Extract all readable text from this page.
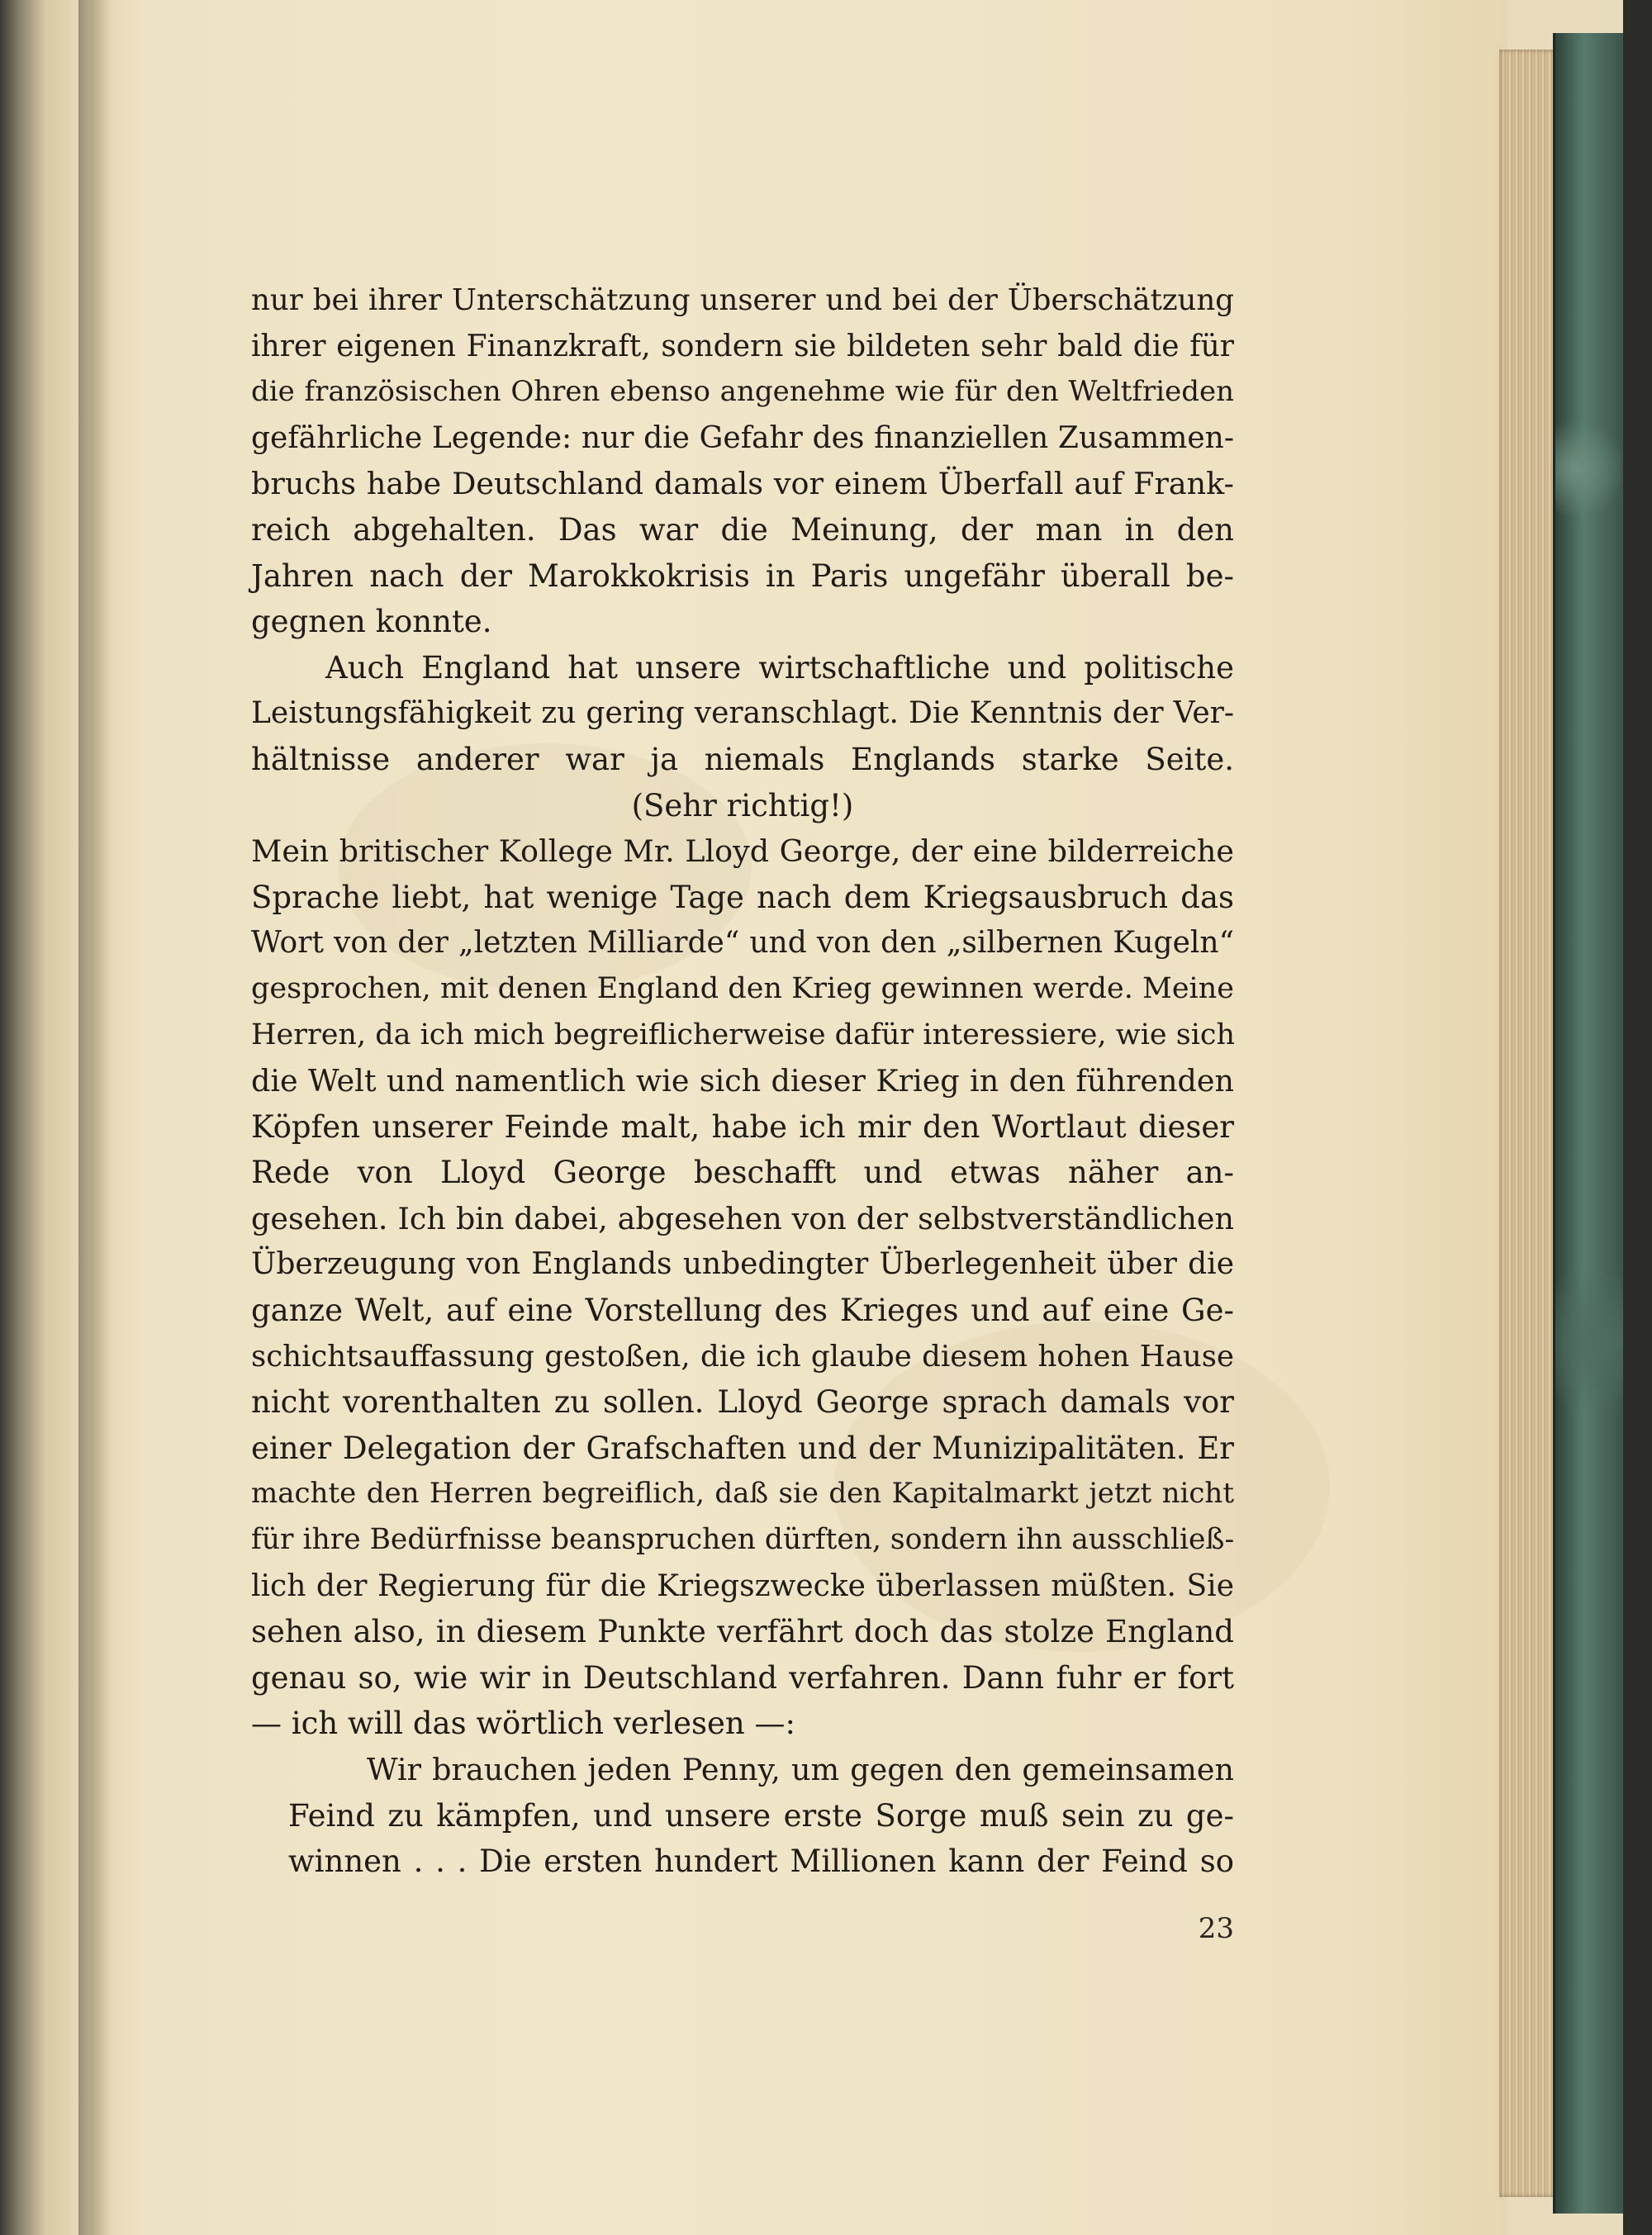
nur bei ihrer Unterschätzung unserer und bei der Überschätzung
ihrer eigenen Finanzkraft, sondern sie bildeten sehr bald die für
die französischen Ohren ebenso angenehme wie für den Weltfrieden
gefährliche Legende: nur die Gefahr des finanziellen Zusammen-
bruchs habe Deutschland damals vor einem Überfall auf Frank-
reich abgehalten. Das war die Meinung, der man in den
Jahren nach der Marokkokrisis in Paris ungefähr überall be-
gegnen konnte.
Auch England hat unsere wirtschaftliche und politische
Leistungsfähigkeit zu gering veranschlagt. Die Kenntnis der Ver-
hältnisse anderer war ja niemals Englands starke Seite.
(Sehr richtig!)
Mein britischer Kollege Mr. Lloyd George, der eine bilderreiche
Sprache liebt, hat wenige Tage nach dem Kriegsausbruch das
Wort von der „letzten Milliarde“ und von den „silbernen Kugeln“
gesprochen, mit denen England den Krieg gewinnen werde. Meine
Herren, da ich mich begreiflicherweise dafür interessiere, wie sich
die Welt und namentlich wie sich dieser Krieg in den führenden
Köpfen unserer Feinde malt, habe ich mir den Wortlaut dieser
Rede von Lloyd George beschafft und etwas näher an-
gesehen. Ich bin dabei, abgesehen von der selbstverständlichen
Überzeugung von Englands unbedingter Überlegenheit über die
ganze Welt, auf eine Vorstellung des Krieges und auf eine Ge-
schichtsauffassung gestoßen, die ich glaube diesem hohen Hause
nicht vorenthalten zu sollen. Lloyd George sprach damals vor
einer Delegation der Grafschaften und der Munizipalitäten. Er
machte den Herren begreiflich, daß sie den Kapitalmarkt jetzt nicht
für ihre Bedürfnisse beanspruchen dürften, sondern ihn ausschließ-
lich der Regierung für die Kriegszwecke überlassen müßten. Sie
sehen also, in diesem Punkte verfährt doch das stolze England
genau so, wie wir in Deutschland verfahren. Dann fuhr er fort
— ich will das wörtlich verlesen —:
Wir brauchen jeden Penny, um gegen den gemeinsamen
Feind zu kämpfen, und unsere erste Sorge muß sein zu ge-
winnen . . . Die ersten hundert Millionen kann der Feind so
23
